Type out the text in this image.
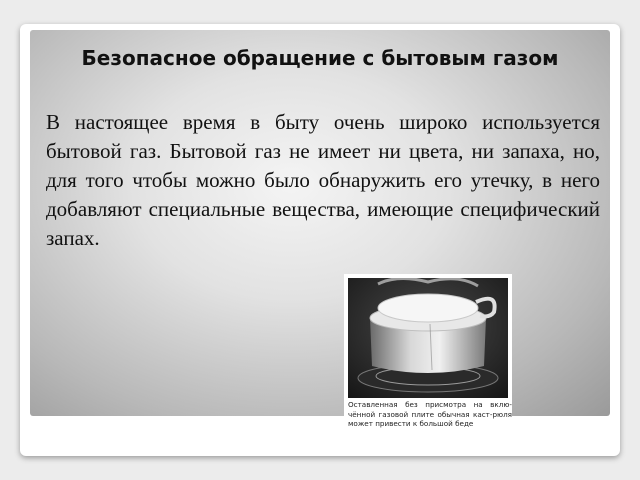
Безопасное обращение с бытовым газом

В настоящее время в быту очень широко используется бытовой газ. Бытовой газ не имеет ни цвета, ни запаха, но, для того чтобы можно было обнаружить его утечку, в него добавляют специальные вещества, имеющие специфический запах.

Оставленная без присмотра на вклю-чённой газовой плите обычная каст-рюля может привести к большой беде
